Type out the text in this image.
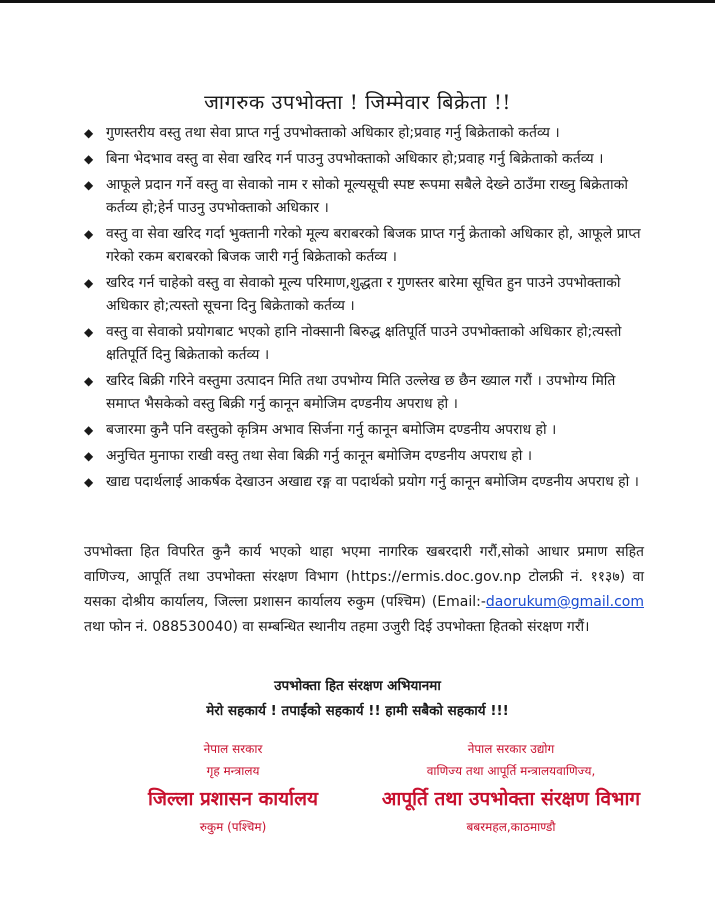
जागरुक उपभोक्ता ! जिम्मेवार बिक्रेता !!
◆ गुणस्तरीय वस्तु तथा सेवा प्राप्त गर्नु उपभोक्ताको अधिकार हो;प्रवाह गर्नु बिक्रेताको कर्तव्य ।
◆ बिना भेदभाव वस्तु वा सेवा खरिद गर्न पाउनु उपभोक्ताको अधिकार हो;प्रवाह गर्नु बिक्रेताको कर्तव्य ।
◆ आफूले प्रदान गर्ने वस्तु वा सेवाको नाम र सोको मूल्यसूची स्पष्ट रूपमा सबैले देख्ने ठाउँमा राख्नु बिक्रेताको कर्तव्य हो;हेर्न पाउनु उपभोक्ताको अधिकार ।
◆ वस्तु वा सेवा खरिद गर्दा भुक्तानी गरेको मूल्य बराबरको बिजक प्राप्त गर्नु क्रेताको अधिकार हो, आफूले प्राप्त गरेको रकम बराबरको बिजक जारी गर्नु बिक्रेताको कर्तव्य ।
◆ खरिद गर्न चाहेको वस्तु वा सेवाको मूल्य परिमाण,शुद्धता र गुणस्तर बारेमा सूचित हुन पाउने उपभोक्ताको अधिकार हो;त्यस्तो सूचना दिनु बिक्रेताको कर्तव्य ।
◆ वस्तु वा सेवाको प्रयोगबाट भएको हानि नोक्सानी बिरुद्ध क्षतिपूर्ति पाउने उपभोक्ताको अधिकार हो;त्यस्तो क्षतिपूर्ति दिनु बिक्रेताको कर्तव्य ।
◆ खरिद बिक्री गरिने वस्तुमा उत्पादन मिति तथा उपभोग्य मिति उल्लेख छ छैन ख्याल गरौं । उपभोग्य मिति समाप्त भैसकेको वस्तु बिक्री गर्नु कानून बमोजिम दण्डनीय अपराध हो ।
◆ बजारमा कुनै पनि वस्तुको कृत्रिम अभाव सिर्जना गर्नु कानून बमोजिम दण्डनीय अपराध हो ।
◆ अनुचित मुनाफा राखी वस्तु तथा सेवा बिक्री गर्नु कानून बमोजिम दण्डनीय अपराध हो ।
◆ खाद्य पदार्थलाई आकर्षक देखाउन अखाद्य रङ्ग वा पदार्थको प्रयोग गर्नु कानून बमोजिम दण्डनीय अपराध हो ।
उपभोक्ता हित विपरित कुनै कार्य भएको थाहा भएमा नागरिक खबरदारी गरौं,सोको आधार प्रमाण सहित वाणिज्य, आपूर्ति तथा उपभोक्ता संरक्षण विभाग (https://ermis.doc.gov.np टोलफ्री नं. ११३७) वा यसका दोश्रीय कार्यालय, जिल्ला प्रशासन कार्यालय रुकुम (पश्चिम) (Email:-daorukum@gmail.com तथा फोन नं. 088530040) वा सम्बन्धित स्थानीय तहमा उजुरी दिई उपभोक्ता हितको संरक्षण गरौं।
उपभोक्ता हित संरक्षण अभियानमा
मेरो सहकार्य ! तपाईंको सहकार्य !! हामी सबैको सहकार्य !!!
नेपाल सरकार
गृह मन्त्रालय
जिल्ला प्रशासन कार्यालय
रुकुम (पश्चिम)
नेपाल सरकार उद्योग
वाणिज्य तथा आपूर्ति मन्त्रालयवाणिज्य,
आपूर्ति तथा उपभोक्ता संरक्षण विभाग
बबरमहल,काठमाण्डौ
